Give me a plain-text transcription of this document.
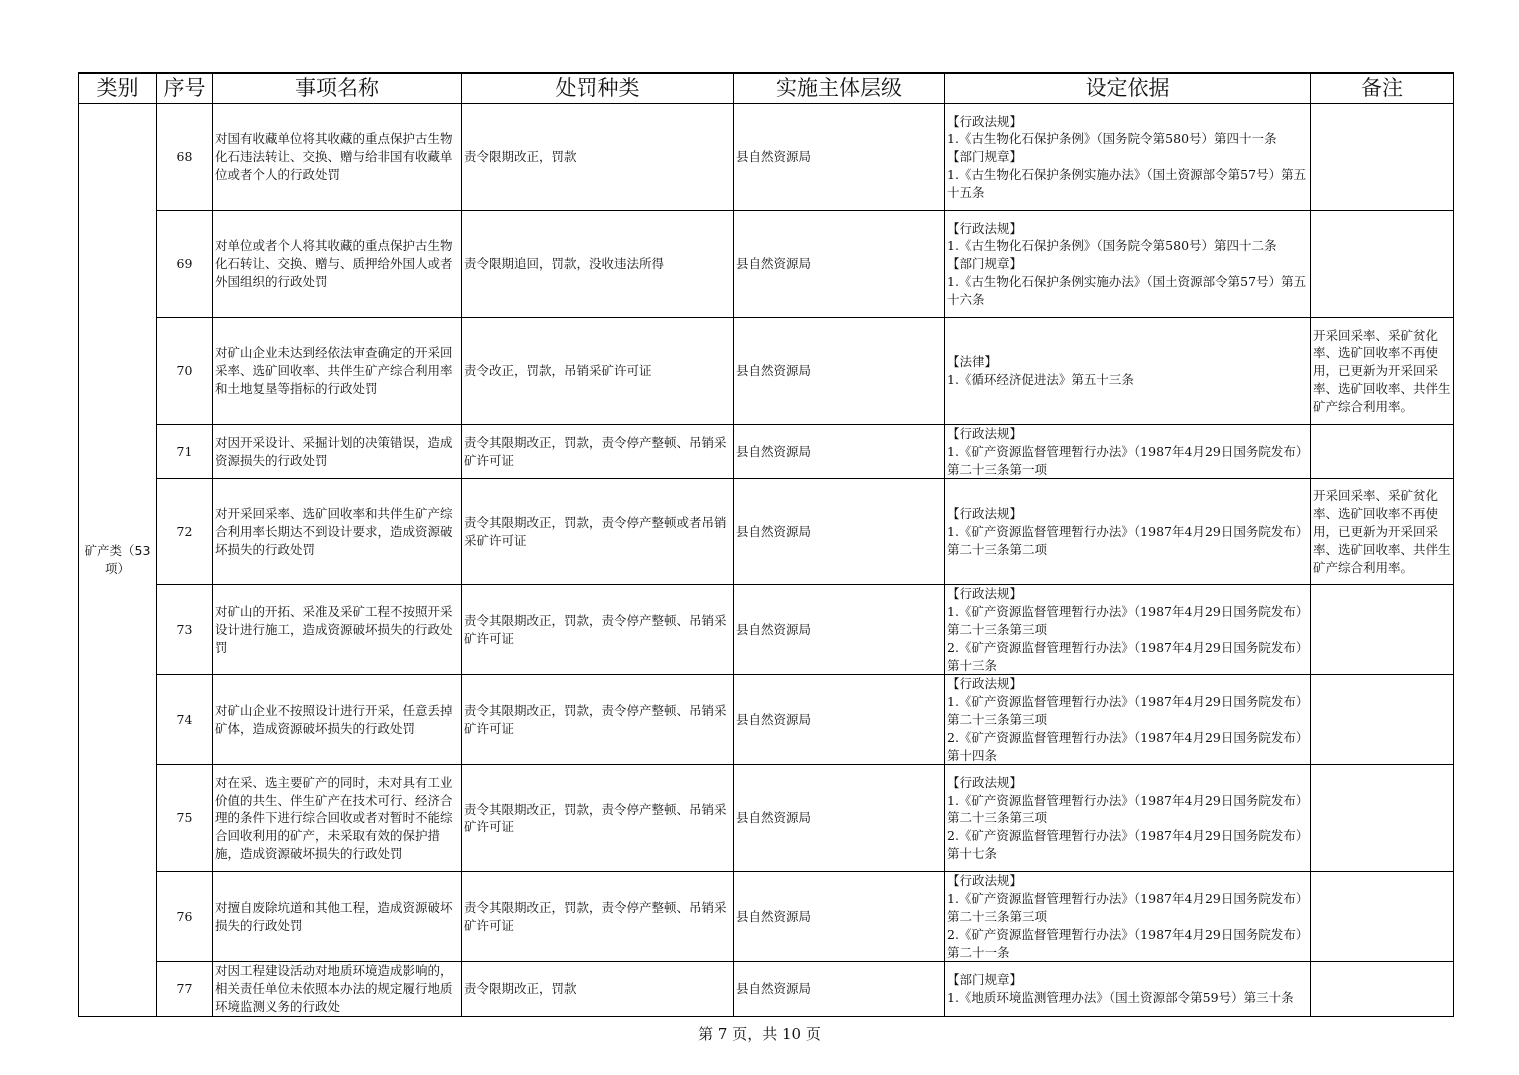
类别	序号	事项名称	处罚种类	实施主体层级	设定依据	备注
矿产类（53项）	68	对国有收藏单位将其收藏的重点保护古生物化石违法转让、交换、赠与给非国有收藏单位或者个人的行政处罚	责令限期改正，罚款	县自然资源局	【行政法规】
1.《古生物化石保护条例》（国务院令第580号）第四十一条
【部门规章】
1.《古生物化石保护条例实施办法》（国土资源部令第57号）第五十五条	

	69	对单位或者个人将其收藏的重点保护古生物化石转让、交换、赠与、质押给外国人或者外国组织的行政处罚	责令限期追回，罚款，没收违法所得	县自然资源局	【行政法规】
1.《古生物化石保护条例》（国务院令第580号）第四十二条
【部门规章】
1.《古生物化石保护条例实施办法》（国土资源部令第57号）第五十六条	

	70	对矿山企业未达到经依法审查确定的开采回采率、选矿回收率、共伴生矿产综合利用率和土地复垦等指标的行政处罚	责令改正，罚款，吊销采矿许可证	县自然资源局	【法律】
1.《循环经济促进法》第五十三条	开采回采率、采矿贫化率、选矿回收率不再使用，已更新为开采回采率、选矿回收率、共伴生矿产综合利用率。
	71	对因开采设计、采掘计划的决策错误，造成资源损失的行政处罚	责令其限期改正，罚款，责令停产整顿、吊销采矿许可证	县自然资源局	【行政法规】
1.《矿产资源监督管理暂行办法》（1987年4月29日国务院发布）第二十三条第一项	

	72	对开采回采率、选矿回收率和共伴生矿产综合利用率长期达不到设计要求，造成资源破坏损失的行政处罚	责令其限期改正，罚款，责令停产整顿或者吊销采矿许可证	县自然资源局	【行政法规】
1.《矿产资源监督管理暂行办法》（1987年4月29日国务院发布）第二十三条第二项	开采回采率、采矿贫化率、选矿回收率不再使用，已更新为开采回采率、选矿回收率、共伴生矿产综合利用率。
	73	对矿山的开拓、采准及采矿工程不按照开采设计进行施工，造成资源破坏损失的行政处罚	责令其限期改正，罚款，责令停产整顿、吊销采矿许可证	县自然资源局	【行政法规】
1.《矿产资源监督管理暂行办法》（1987年4月29日国务院发布）第二十三条第三项
2.《矿产资源监督管理暂行办法》（1987年4月29日国务院发布）第十三条	

	74	对矿山企业不按照设计进行开采，任意丢掉矿体，造成资源破坏损失的行政处罚	责令其限期改正，罚款，责令停产整顿、吊销采矿许可证	县自然资源局	【行政法规】
1.《矿产资源监督管理暂行办法》（1987年4月29日国务院发布）第二十三条第三项
2.《矿产资源监督管理暂行办法》（1987年4月29日国务院发布）第十四条	

	75	对在采、选主要矿产的同时，未对具有工业价值的共生、伴生矿产在技术可行、经济合理的条件下进行综合回收或者对暂时不能综合回收利用的矿产，未采取有效的保护措施，造成资源破坏损失的行政处罚	责令其限期改正，罚款，责令停产整顿、吊销采矿许可证	县自然资源局	【行政法规】
1.《矿产资源监督管理暂行办法》（1987年4月29日国务院发布）第二十三条第三项
2.《矿产资源监督管理暂行办法》（1987年4月29日国务院发布）第十七条	

	76	对擅自废除坑道和其他工程，造成资源破坏损失的行政处罚	责令其限期改正，罚款，责令停产整顿、吊销采矿许可证	县自然资源局	【行政法规】
1.《矿产资源监督管理暂行办法》（1987年4月29日国务院发布）第二十三条第三项
2.《矿产资源监督管理暂行办法》（1987年4月29日国务院发布）第二十一条	

	77	对因工程建设活动对地质环境造成影响的，相关责任单位未依照本办法的规定履行地质环境监测义务的行政处	责令限期改正，罚款	县自然资源局	【部门规章】
1.《地质环境监测管理办法》（国土资源部令第59号）第三十条	

第 7 页，共 10 页
